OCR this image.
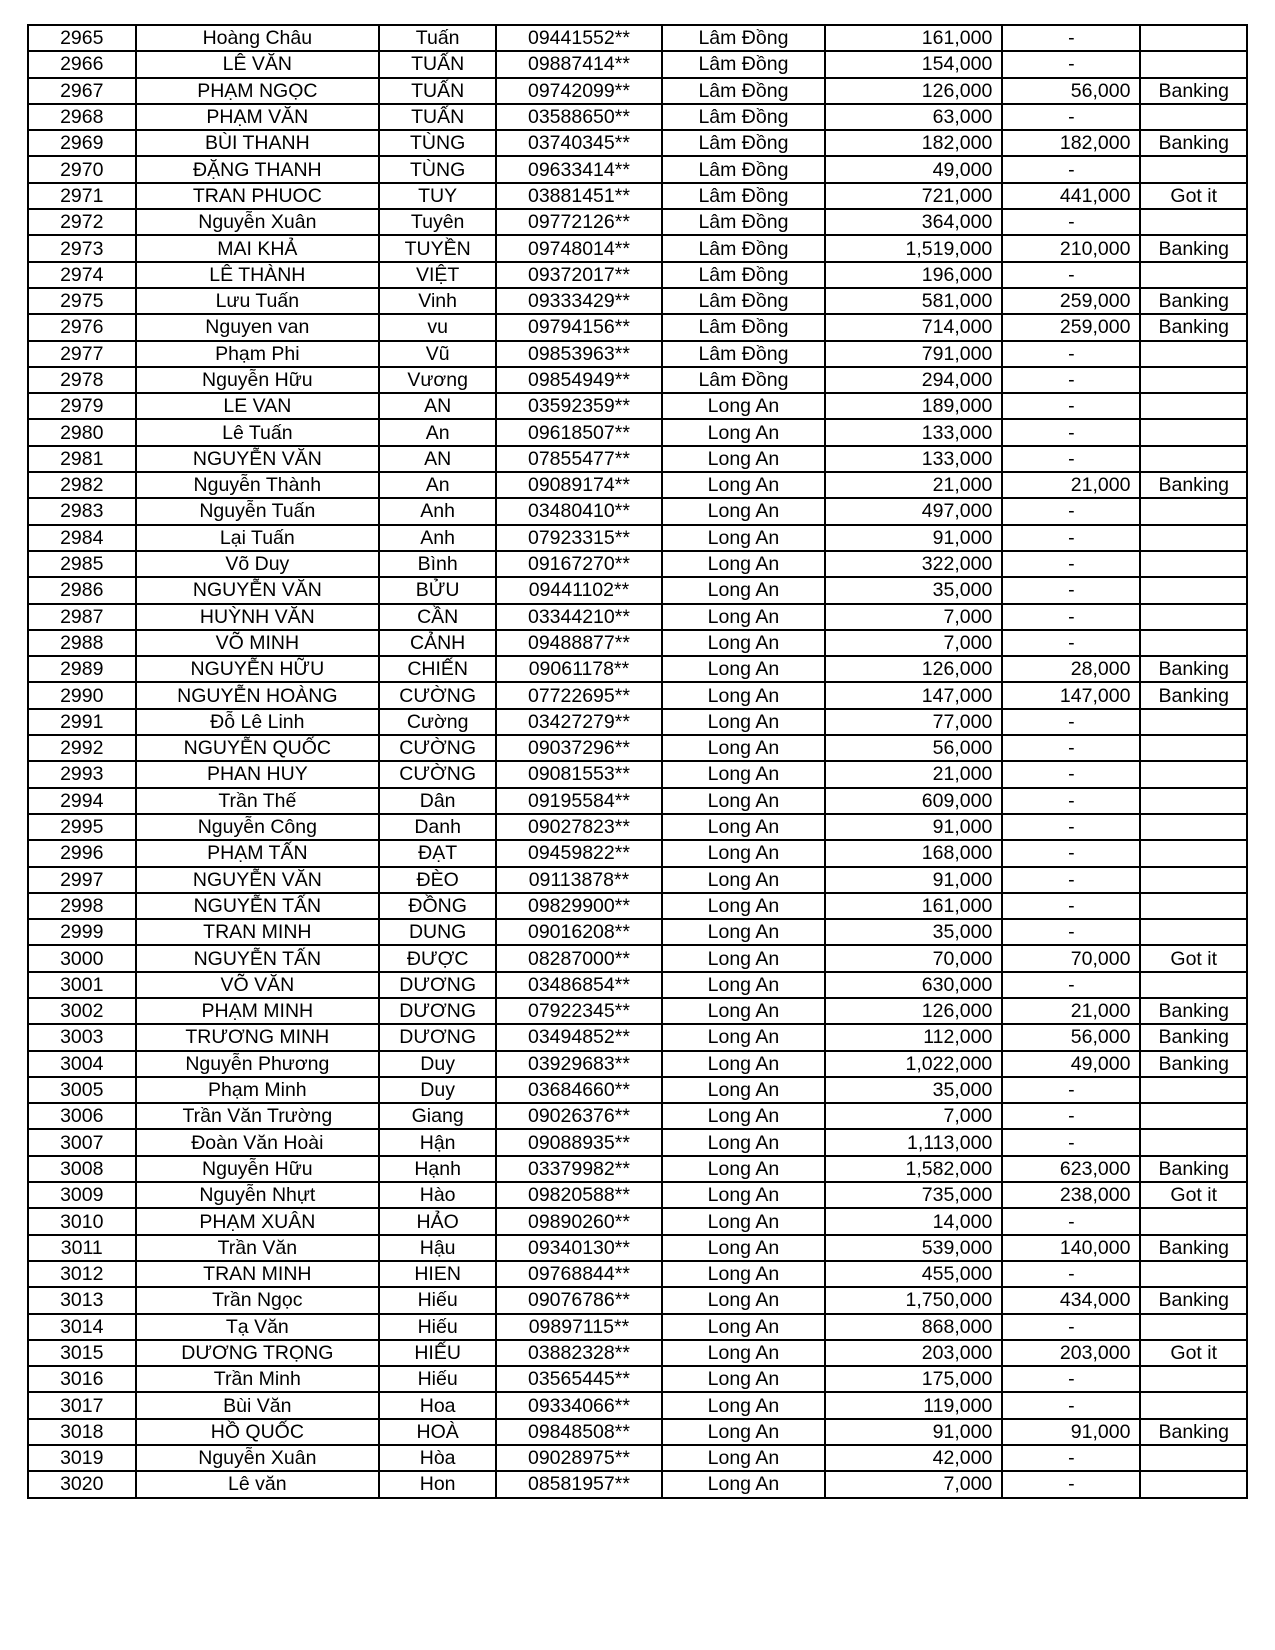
2965	Hoàng Châu	Tuấn	09441552**	Lâm Đồng	161,000	-	
2966	LÊ VĂN	TUẤN	09887414**	Lâm Đồng	154,000	-	
2967	PHẠM NGỌC	TUẤN	09742099**	Lâm Đồng	126,000	56,000	Banking
2968	PHẠM VĂN	TUẤN	03588650**	Lâm Đồng	63,000	-	
2969	BÙI THANH	TÙNG	03740345**	Lâm Đồng	182,000	182,000	Banking
2970	ĐẶNG THANH	TÙNG	09633414**	Lâm Đồng	49,000	-	
2971	TRAN PHUOC	TUY	03881451**	Lâm Đồng	721,000	441,000	Got it
2972	Nguyễn Xuân	Tuyên	09772126**	Lâm Đồng	364,000	-	
2973	MAI KHẢ	TUYỀN	09748014**	Lâm Đồng	1,519,000	210,000	Banking
2974	LÊ THÀNH	VIỆT	09372017**	Lâm Đồng	196,000	-	
2975	Lưu Tuấn	Vinh	09333429**	Lâm Đồng	581,000	259,000	Banking
2976	Nguyen van	vu	09794156**	Lâm Đồng	714,000	259,000	Banking
2977	Phạm Phi	Vũ	09853963**	Lâm Đồng	791,000	-	
2978	Nguyễn Hữu	Vương	09854949**	Lâm Đồng	294,000	-	
2979	LE VAN	AN	03592359**	Long An	189,000	-	
2980	Lê Tuấn	An	09618507**	Long An	133,000	-	
2981	NGUYỄN VĂN	AN	07855477**	Long An	133,000	-	
2982	Nguyễn Thành	An	09089174**	Long An	21,000	21,000	Banking
2983	Nguyễn Tuấn	Anh	03480410**	Long An	497,000	-	
2984	Lại Tuấn	Anh	07923315**	Long An	91,000	-	
2985	Võ Duy	Bình	09167270**	Long An	322,000	-	
2986	NGUYỄN VĂN	BỬU	09441102**	Long An	35,000	-	
2987	HUỲNH VĂN	CẦN	03344210**	Long An	7,000	-	
2988	VÕ MINH	CẢNH	09488877**	Long An	7,000	-	
2989	NGUYỄN HỮU	CHIẾN	09061178**	Long An	126,000	28,000	Banking
2990	NGUYỄN HOÀNG	CƯỜNG	07722695**	Long An	147,000	147,000	Banking
2991	Đỗ Lê Linh	Cường	03427279**	Long An	77,000	-	
2992	NGUYỄN QUỐC	CƯỜNG	09037296**	Long An	56,000	-	
2993	PHAN HUY	CƯỜNG	09081553**	Long An	21,000	-	
2994	Trần Thế	Dân	09195584**	Long An	609,000	-	
2995	Nguyễn Công	Danh	09027823**	Long An	91,000	-	
2996	PHẠM TẤN	ĐẠT	09459822**	Long An	168,000	-	
2997	NGUYỄN VĂN	ĐÈO	09113878**	Long An	91,000	-	
2998	NGUYỄN TẤN	ĐỒNG	09829900**	Long An	161,000	-	
2999	TRAN MINH	DUNG	09016208**	Long An	35,000	-	
3000	NGUYỄN TẤN	ĐƯỢC	08287000**	Long An	70,000	70,000	Got it
3001	VÕ VĂN	DƯƠNG	03486854**	Long An	630,000	-	
3002	PHẠM MINH	DƯƠNG	07922345**	Long An	126,000	21,000	Banking
3003	TRƯƠNG MINH	DƯƠNG	03494852**	Long An	112,000	56,000	Banking
3004	Nguyễn Phương	Duy	03929683**	Long An	1,022,000	49,000	Banking
3005	Phạm Minh	Duy	03684660**	Long An	35,000	-	
3006	Trần Văn Trường	Giang	09026376**	Long An	7,000	-	
3007	Đoàn Văn Hoài	Hận	09088935**	Long An	1,113,000	-	
3008	Nguyễn Hữu	Hạnh	03379982**	Long An	1,582,000	623,000	Banking
3009	Nguyễn Nhựt	Hào	09820588**	Long An	735,000	238,000	Got it
3010	PHẠM XUÂN	HẢO	09890260**	Long An	14,000	-	
3011	Trần Văn	Hậu	09340130**	Long An	539,000	140,000	Banking
3012	TRAN MINH	HIEN	09768844**	Long An	455,000	-	
3013	Trần Ngọc	Hiếu	09076786**	Long An	1,750,000	434,000	Banking
3014	Tạ Văn	Hiếu	09897115**	Long An	868,000	-	
3015	DƯƠNG TRỌNG	HIẾU	03882328**	Long An	203,000	203,000	Got it
3016	Trần Minh	Hiếu	03565445**	Long An	175,000	-	
3017	Bùi Văn	Hoa	09334066**	Long An	119,000	-	
3018	HỒ QUỐC	HOÀ	09848508**	Long An	91,000	91,000	Banking
3019	Nguyễn Xuân	Hòa	09028975**	Long An	42,000	-	
3020	Lê văn	Hon	08581957**	Long An	7,000	-	
